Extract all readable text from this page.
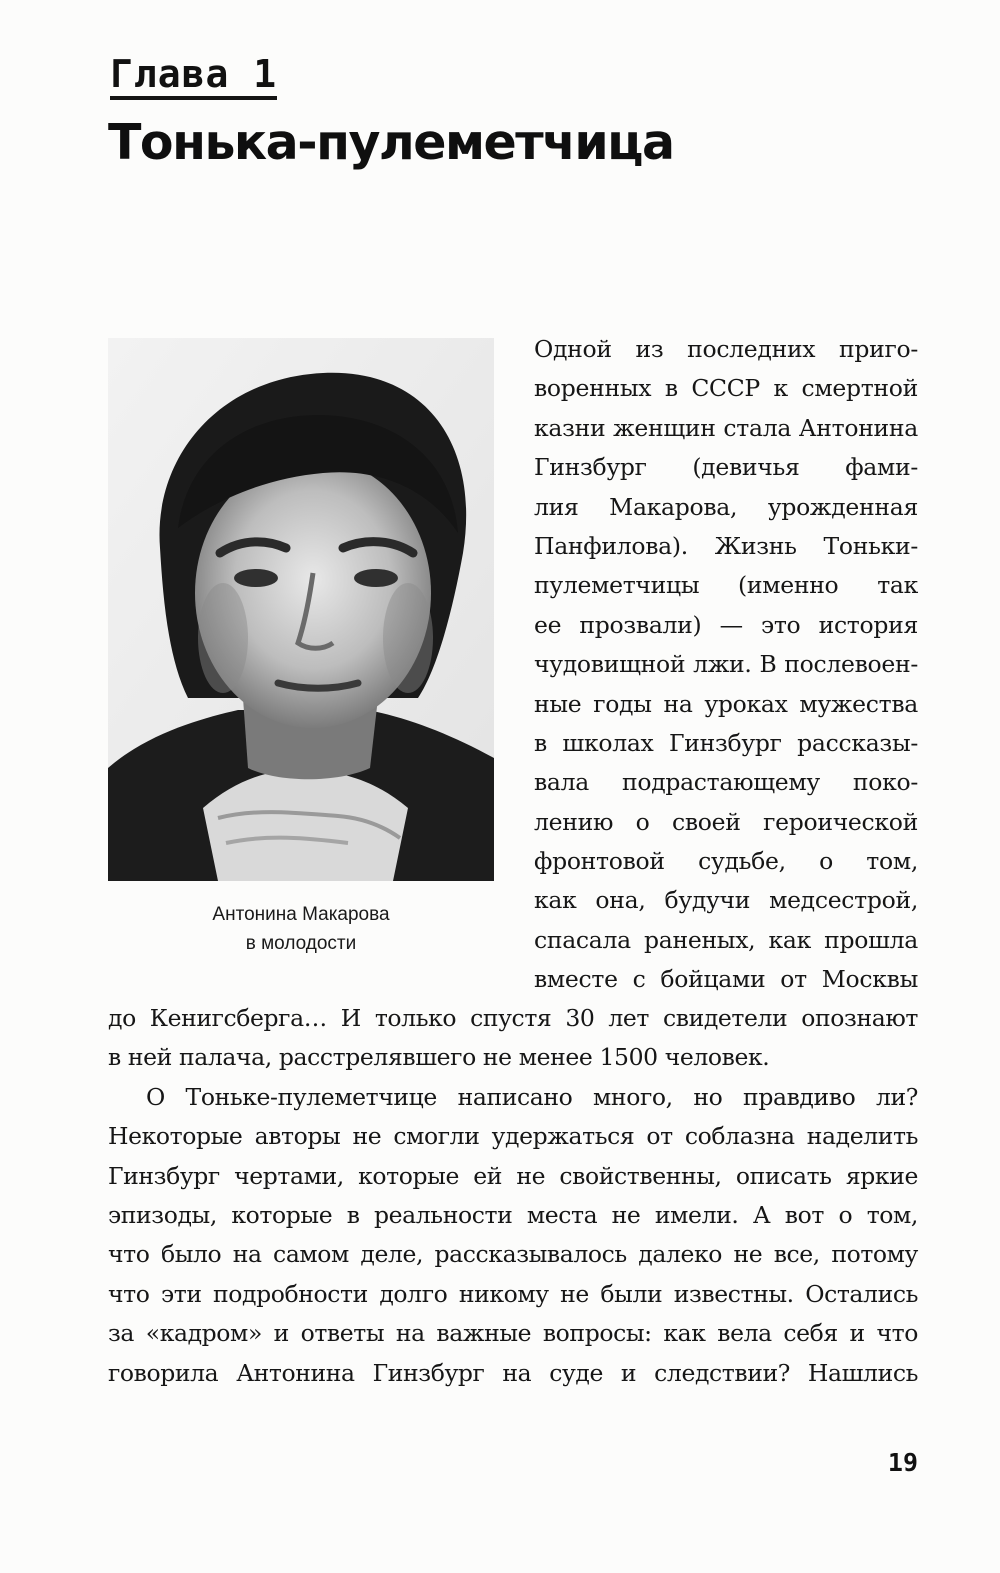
Глава 1
Тонька-пулеметчица
Антонина Макарова
в молодости
Одной из последних приго-
воренных в СССР к смертной
казни женщин стала Антонина
Гинзбург (девичья фами-
лия Макарова, урожденная
Панфилова). Жизнь Тоньки-
пулеметчицы (именно так
ее прозвали) — это история
чудовищной лжи. В послевоен-
ные годы на уроках мужества
в школах Гинзбург рассказы-
вала подрастающему поко-
лению о своей героической
фронтовой судьбе, о том,
как она, будучи медсестрой,
спасала раненых, как прошла
вместе с бойцами от Москвы
до Кенигсберга… И только спустя 30 лет свидетели опознают
в ней палача, расстрелявшего не менее 1500 человек.
О Тоньке-пулеметчице написано много, но правдиво ли?
Некоторые авторы не смогли удержаться от соблазна наделить
Гинзбург чертами, которые ей не свойственны, описать яркие
эпизоды, которые в реальности места не имели. А вот о том,
что было на самом деле, рассказывалось далеко не все, потому
что эти подробности долго никому не были известны. Остались
за «кадром» и ответы на важные вопросы: как вела себя и что
говорила Антонина Гинзбург на суде и следствии? Нашлись
19
